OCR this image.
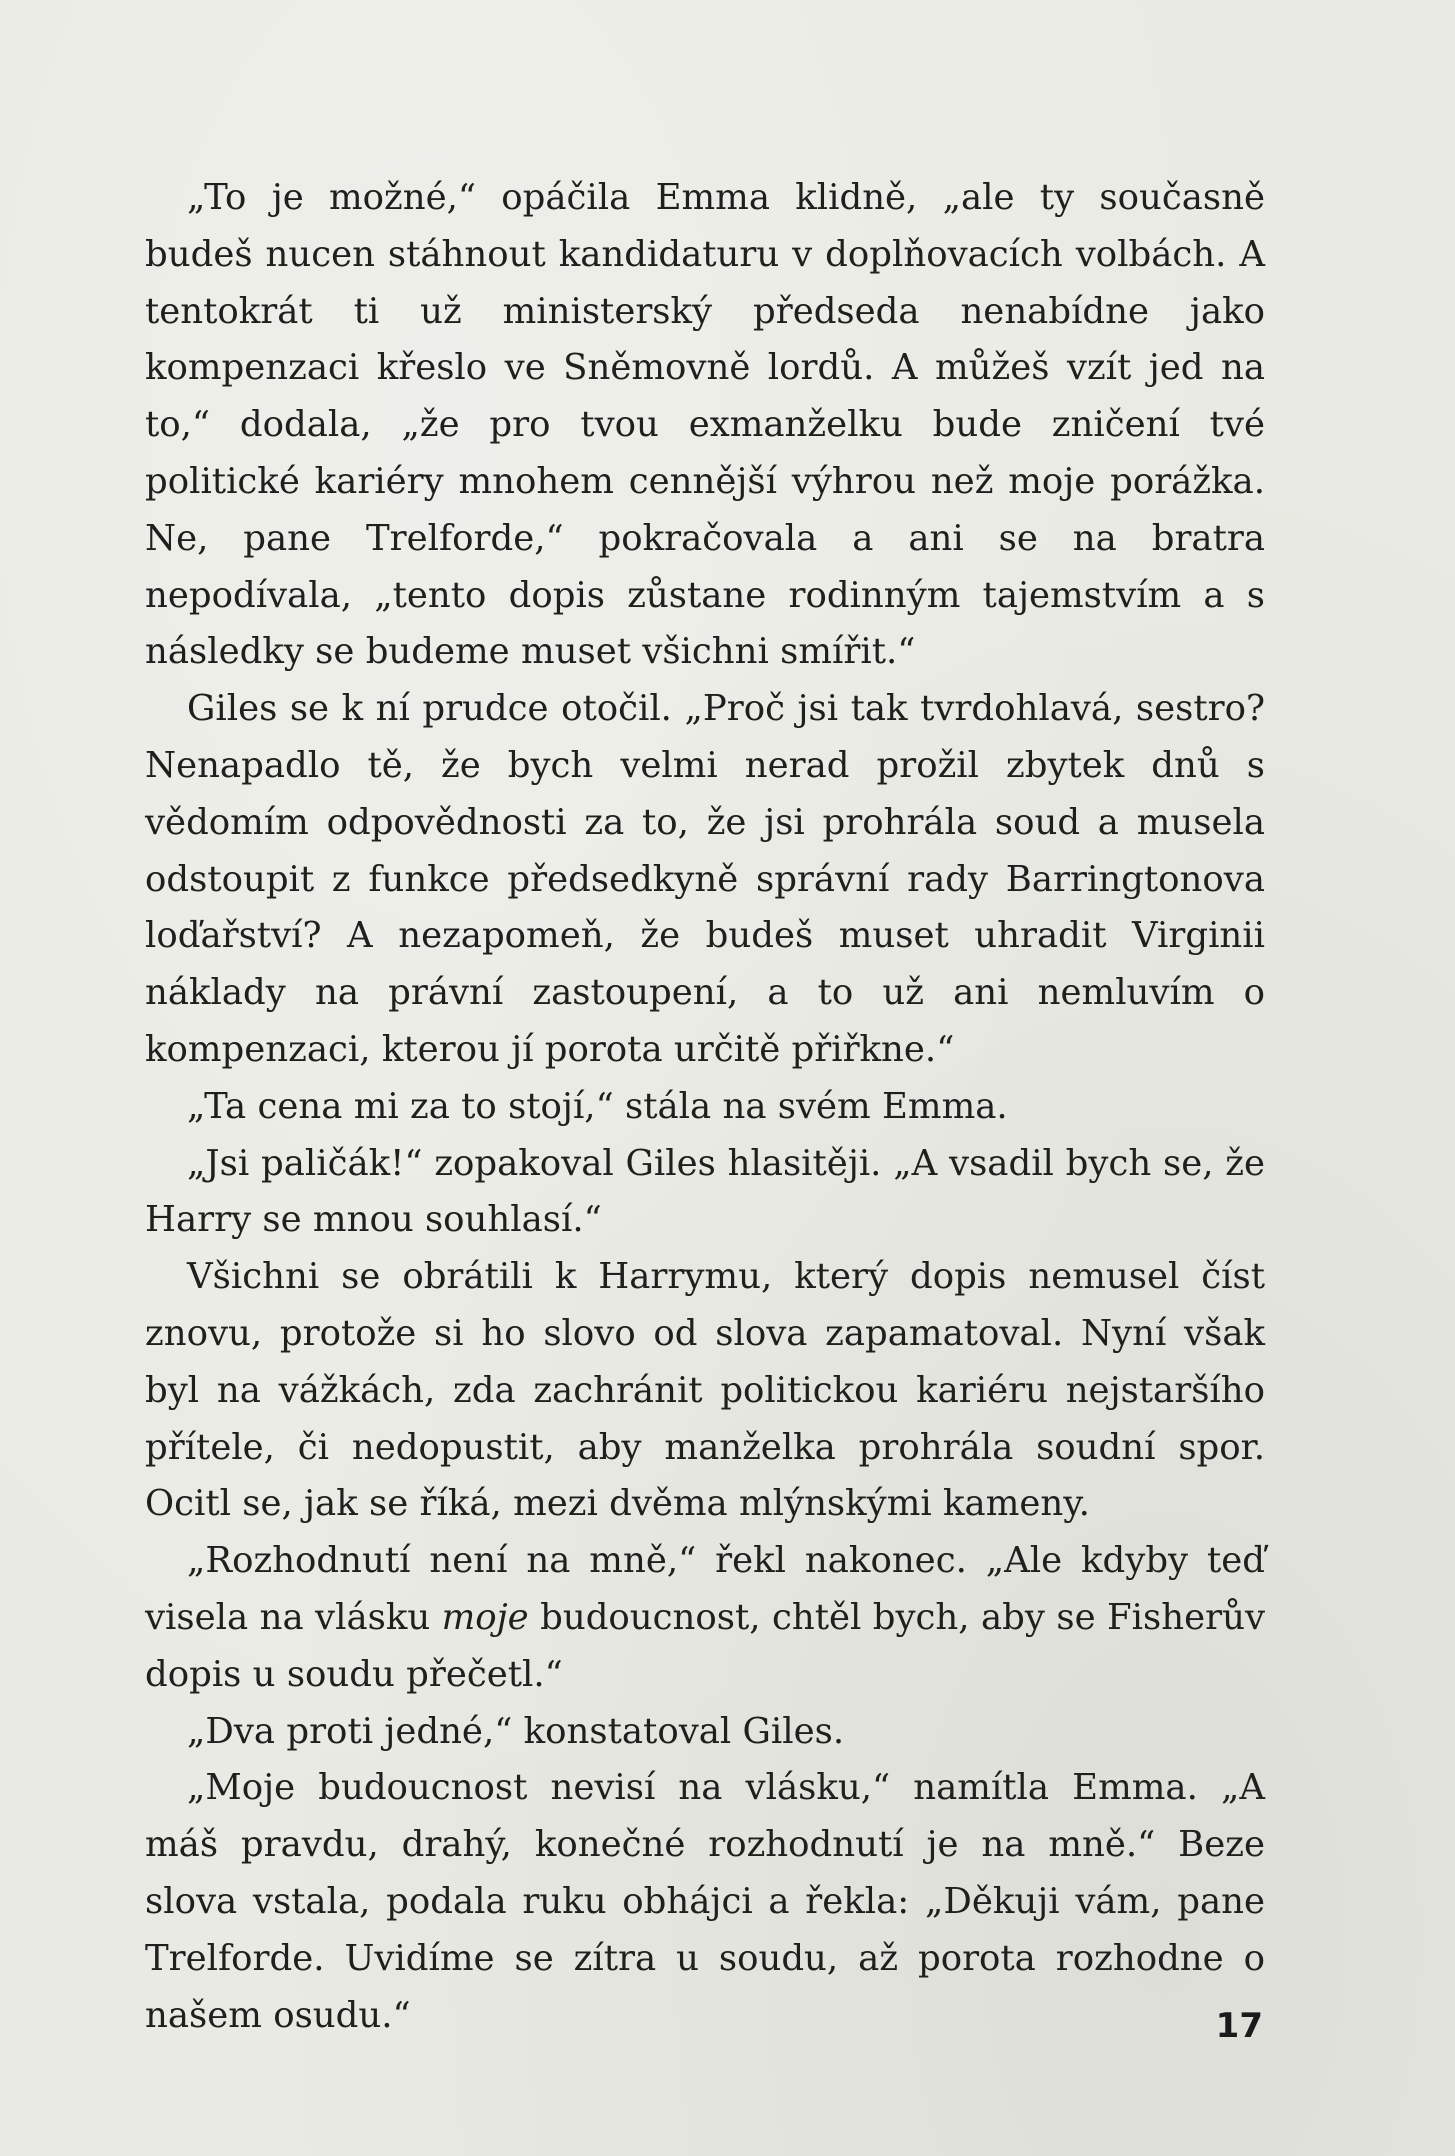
„To je možné,“ opáčila Emma klidně, „ale ty současně budeš nucen stáhnout kandidaturu v doplňovacích volbách. A tentokrát ti už ministerský předseda nenabídne jako kompenzaci křeslo ve Sněmovně lordů. A můžeš vzít jed na to,“ dodala, „že pro tvou exmanželku bude zničení tvé politické kariéry mnohem cennější výhrou než moje porážka. Ne, pane Trelforde,“ pokračovala a ani se na bratra nepodívala, „tento dopis zůstane rodinným tajemstvím a s následky se budeme muset všichni smířit.“

Giles se k ní prudce otočil. „Proč jsi tak tvrdohlavá, sestro? Nenapadlo tě, že bych velmi nerad prožil zbytek dnů s vědomím odpovědnosti za to, že jsi prohrála soud a musela odstoupit z funkce předsedkyně správní rady Barringtonova loďařství? A nezapomeň, že budeš muset uhradit Virginii náklady na právní zastoupení, a to už ani nemluvím o kompenzaci, kterou jí porota určitě přiřkne.“

„Ta cena mi za to stojí,“ stála na svém Emma.

„Jsi paličák!“ zopakoval Giles hlasitěji. „A vsadil bych se, že Harry se mnou souhlasí.“

Všichni se obrátili k Harrymu, který dopis nemusel číst znovu, protože si ho slovo od slova zapamatoval. Nyní však byl na vážkách, zda zachránit politickou kariéru nejstaršího přítele, či nedopustit, aby manželka prohrála soudní spor. Ocitl se, jak se říká, mezi dvěma mlýnskými kameny.

„Rozhodnutí není na mně,“ řekl nakonec. „Ale kdyby teď visela na vlásku moje budoucnost, chtěl bych, aby se Fisherův dopis u soudu přečetl.“

„Dva proti jedné,“ konstatoval Giles.

„Moje budoucnost nevisí na vlásku,“ namítla Emma. „A máš pravdu, drahý, konečné rozhodnutí je na mně.“ Beze slova vstala, podala ruku obhájci a řekla: „Děkuji vám, pane Trelforde. Uvidíme se zítra u soudu, až porota rozhodne o našem osudu.“	17
